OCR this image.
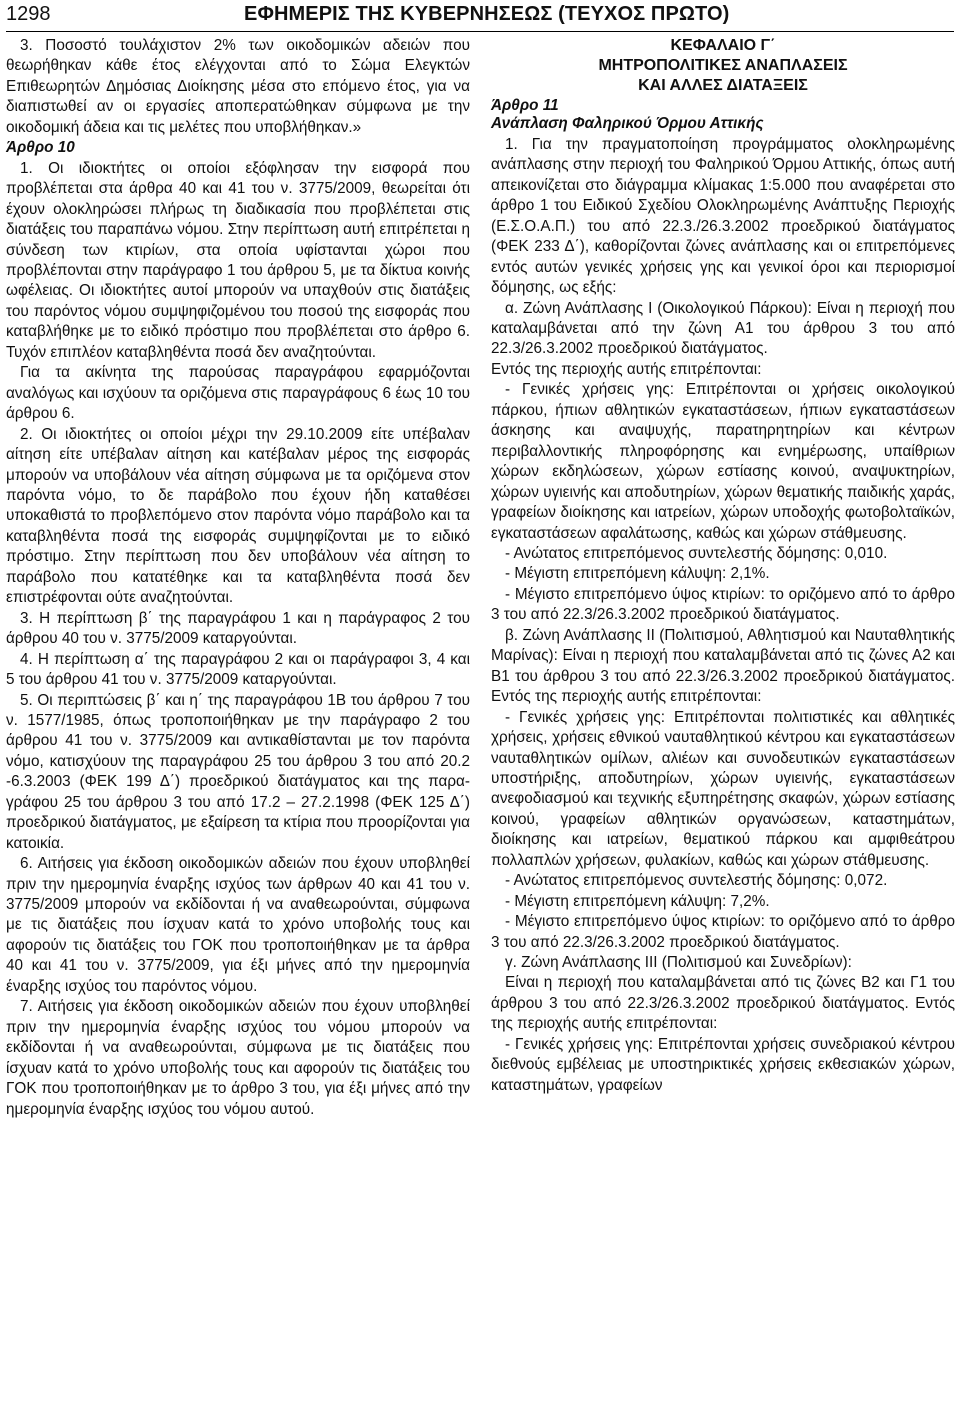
1298	ΕΦΗΜΕΡΙΣ ΤΗΣ ΚΥΒΕΡΝΗΣΕΩΣ (ΤΕΥΧΟΣ ΠΡΩΤΟ)

3. Ποσοστό τουλάχιστον 2% των οικοδομικών αδειών που θεωρήθηκαν κάθε έτος ελέγχονται από το Σώμα Ελεγκτών Επιθεωρητών Δημόσιας Διοίκησης μέσα στο επόμενο έτος, για να διαπιστωθεί αν οι εργασίες αποπερατώθηκαν σύμφωνα με την οικοδομική άδεια και τις μελέτες που υποβλήθηκαν.»

Άρθρο 10

1. Οι ιδιοκτήτες οι οποίοι εξόφλησαν την εισφορά που προβλέπεται στα άρθρα 40 και 41 του ν. 3775/2009, θεωρείται ότι έχουν ολοκληρώσει πλήρως τη διαδικασία που προβλέπεται στις διατάξεις του παραπάνω νόμου. Στην περίπτωση αυτή επιτρέπεται η σύνδεση των κτιρίων, στα οποία υφίστανται χώροι που προβλέπονται στην παράγραφο 1 του άρθρου 5, με τα δίκτυα κοινής ωφέλειας. Οι ιδιοκτήτες αυτοί μπορούν να υπαχθούν στις διατάξεις του παρόντος νόμου συμψηφιζομένου του ποσού της εισφοράς που καταβλήθηκε με το ειδικό πρόστιμο που προβλέπεται στο άρθρο 6. Τυχόν επιπλέον καταβληθέντα ποσά δεν αναζητούνται.

Για τα ακίνητα της παρούσας παραγράφου εφαρμόζονται αναλόγως και ισχύουν τα οριζόμενα στις παραγράφους 6 έως 10 του άρθρου 6.

2. Οι ιδιοκτήτες οι οποίοι μέχρι την 29.10.2009 είτε υπέβαλαν αίτηση είτε υπέβαλαν αίτηση και κατέβαλαν μέρος της εισφοράς μπορούν να υποβάλουν νέα αίτηση σύμφωνα με τα οριζόμενα στον παρόντα νόμο, το δε παράβολο που έχουν ήδη καταθέσει υποκαθιστά το προβλεπόμενο στον παρόντα νόμο παράβολο και τα καταβληθέντα ποσά της εισφοράς συμψηφίζονται με το ειδικό πρόστιμο. Στην περίπτωση που δεν υποβάλουν νέα αίτηση το παράβολο που κατατέθηκε και τα καταβληθέντα ποσά δεν επιστρέφονται ούτε αναζητούνται.

3. Η περίπτωση β΄ της παραγράφου 1 και η παράγραφος 2 του άρθρου 40 του ν. 3775/2009 καταργούνται.

4. Η περίπτωση α΄ της παραγράφου 2 και οι παράγραφοι 3, 4 και 5 του άρθρου 41 του ν. 3775/2009 καταργούνται.

5. Οι περιπτώσεις β΄ και η΄ της παραγράφου 1Β του άρθρου 7 του ν. 1577/1985, όπως τροποποιήθηκαν με την παράγραφο 2 του άρθρου 41 του ν. 3775/2009 και αντικαθίστανται με τον παρόντα νόμο, κατισχύουν της παραγράφου 25 του άρθρου 3 του από 20.2 -6.3.2003 (ΦΕΚ 199 Δ΄) προεδρικού διατάγματος και της παραγράφου 25 του άρθρου 3 του από 17.2 – 27.2.1998 (ΦΕΚ 125 Δ΄) προεδρικού διατάγματος, με εξαίρεση τα κτίρια που προορίζονται για κατοικία.

6. Αιτήσεις για έκδοση οικοδομικών αδειών που έχουν υποβληθεί πριν την ημερομηνία έναρξης ισχύος των άρθρων 40 και 41 του ν. 3775/2009 μπορούν να εκδίδονται ή να αναθεωρούνται, σύμφωνα με τις διατάξεις που ίσχυαν κατά το χρόνο υποβολής τους και αφορούν τις διατάξεις του ΓΟΚ που τροποποιήθηκαν με τα άρθρα 40 και 41 του ν. 3775/2009, για έξι μήνες από την ημερομηνία έναρξης ισχύος του παρόντος νόμου.

7. Αιτήσεις για έκδοση οικοδομικών αδειών που έχουν υποβληθεί πριν την ημερομηνία έναρξης ισχύος του νόμου μπορούν να εκδίδονται ή να αναθεωρούνται, σύμφωνα με τις διατάξεις που ίσχυαν κατά το χρόνο υποβολής τους και αφορούν τις διατάξεις του ΓΟΚ που τροποποιήθηκαν με το άρθρο 3 του, για έξι μήνες από την ημερομηνία έναρξης ισχύος του νόμου αυτού.

ΚΕΦΑΛΑΙΟ Γ΄

ΜΗΤΡΟΠΟΛΙΤΙΚΕΣ ΑΝΑΠΛΑΣΕΙΣ

ΚΑΙ ΑΛΛΕΣ ΔΙΑΤΑΞΕΙΣ

Άρθρο 11

Ανάπλαση Φαληρικού Όρμου Αττικής

1. Για την πραγματοποίηση προγράμματος ολοκληρωμένης ανάπλασης στην περιοχή του Φαληρικού Όρμου Αττικής, όπως αυτή απεικονίζεται στο διάγραμμα κλίμακας 1:5.000 που αναφέρεται στο άρθρο 1 του Ειδικού Σχεδίου Ολοκληρωμένης Ανάπτυξης Περιοχής (Ε.Σ.Ο.Α.Π.) του από 22.3./26.3.2002 προεδρικού διατάγματος (ΦΕΚ 233 Δ΄), καθορίζονται ζώνες ανάπλασης και οι επιτρεπόμενες εντός αυτών γενικές χρήσεις γης και γενικοί όροι και περιορισμοί δόμησης, ως εξής:

α. Ζώνη Ανάπλασης Ι (Οικολογικού Πάρκου): Είναι η περιοχή που καταλαμβάνεται από την ζώνη Α1 του άρθρου 3 του από 22.3/26.3.2002 προεδρικού διατάγματος.

Εντός της περιοχής αυτής επιτρέπονται:

- Γενικές χρήσεις γης: Επιτρέπονται οι χρήσεις οικολογικού πάρκου, ήπιων αθλητικών εγκαταστάσεων, ήπιων εγκαταστάσεων άσκησης και αναψυχής, παρατηρητηρίων και κέντρων περιβαλλοντικής πληροφόρησης και ενημέρωσης, υπαίθριων χώρων εκδηλώσεων, χώρων εστίασης κοινού, αναψυκτηρίων, χώρων υγιεινής και αποδυτηρίων, χώρων θεματικής παιδικής χαράς, γραφείων διοίκησης και ιατρείων, χώρων υποδοχής φωτοβολταϊκών, εγκαταστάσεων αφαλάτωσης, καθώς και χώρων στάθμευσης.

- Ανώτατος επιτρεπόμενος συντελεστής δόμησης: 0,010.

- Μέγιστη επιτρεπόμενη κάλυψη: 2,1%.

- Μέγιστο επιτρεπόμενο ύψος κτιρίων: το οριζόμενο από το άρθρο 3 του από 22.3/26.3.2002 προεδρικού διατάγματος.

β. Ζώνη Ανάπλασης ΙΙ (Πολιτισμού, Αθλητισμού και Ναυταθλητικής Μαρίνας): Είναι η περιοχή που καταλαμβάνεται από τις ζώνες Α2 και Β1 του άρθρου 3 του από 22.3/26.3.2002 προεδρικού διατάγματος. Εντός της περιοχής αυτής επιτρέπονται:

- Γενικές χρήσεις γης: Επιτρέπονται πολιτιστικές και αθλητικές χρήσεις, χρήσεις εθνικού ναυταθλητικού κέντρου και εγκαταστάσεων ναυταθλητικών ομίλων, αλιέων και συνοδευτικών εγκαταστάσεων υποστήριξης, αποδυτηρίων, χώρων υγιεινής, εγκαταστάσεων ανεφοδιασμού και τεχνικής εξυπηρέτησης σκαφών, χώρων εστίασης κοινού, γραφείων αθλητικών οργανώσεων, καταστημάτων, διοίκησης και ιατρείων, θεματικού πάρκου και αμφιθεάτρου πολλαπλών χρήσεων, φυλακίων, καθώς και χώρων στάθμευσης.

- Ανώτατος επιτρεπόμενος συντελεστής δόμησης: 0,072.

- Μέγιστη επιτρεπόμενη κάλυψη: 7,2%.

- Μέγιστο επιτρεπόμενο ύψος κτιρίων: το οριζόμενο από το άρθρο 3 του από 22.3/26.3.2002 προεδρικού διατάγματος.

γ. Ζώνη Ανάπλασης ΙΙΙ (Πολιτισμού και Συνεδρίων):

Είναι η περιοχή που καταλαμβάνεται από τις ζώνες Β2 και Γ1 του άρθρου 3 του από 22.3/26.3.2002 προεδρικού διατάγματος. Εντός της περιοχής αυτής επιτρέπονται:

- Γενικές χρήσεις γης: Επιτρέπονται χρήσεις συνεδριακού κέντρου διεθνούς εμβέλειας με υποστηρικτικές χρήσεις εκθεσιακών χώρων, καταστημάτων, γραφείων
